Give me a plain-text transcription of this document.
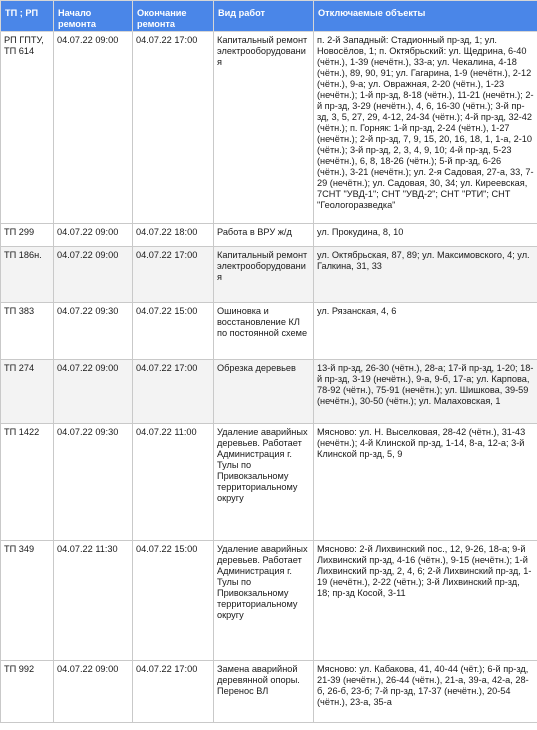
ТП ; РП	Начало ремонта	Окончание ремонта	Вид работ	Отключаемые объекты
РП ГПТУ, ТП 614	04.07.22 09:00	04.07.22 17:00	Капитальный ремонт электрооборудования	п. 2-й Западный: Стадионный пр-зд, 1; ул. Новосёлов, 1; п. Октябрьский: ул. Щедрина, 6-40 (чётн.), 1-39 (нечётн.), 33-а; ул. Чекалина, 4-18 (чётн.), 89, 90, 91; ул. Гагарина, 1-9 (нечётн.), 2-12 (чётн.), 9-а; ул. Овражная, 2-20 (чётн.), 1-23 (нечётн.); 1-й пр-зд, 8-18 (чётн.), 11-21 (нечётн.); 2-й пр-зд, 3-29 (нечётн.), 4, 6, 16-30 (чётн.); 3-й пр-зд, 3, 5, 27, 29, 4-12, 24-34 (чётн.); 4-й пр-зд, 32-42 (чётн.); п. Горняк: 1-й пр-зд, 2-24 (чётн.), 1-27 (нечётн.); 2-й пр-зд, 7, 9, 15, 20, 16, 18, 1, 1-а, 2-10 (чётн.); 3-й пр-зд, 2, 3, 4, 9, 10; 4-й пр-зд, 5-23 (нечётн.), 6, 8, 18-26 (чётн.); 5-й пр-зд, 6-26 (чётн.), 3-21 (нечётн.); ул. 2-я Садовая, 27-а, 33, 7-29 (нечётн.); ул. Садовая, 30, 34; ул. Киреевская, 7СНТ "УВД-1"; СНТ "УВД-2"; СНТ "РТИ"; СНТ "Геологоразведка"
ТП 299	04.07.22 09:00	04.07.22 18:00	Работа в ВРУ ж/д	ул. Прокудина, 8, 10
ТП 186н.	04.07.22 09:00	04.07.22 17:00	Капитальный ремонт электрооборудования	ул. Октябрьская, 87, 89; ул. Максимовского, 4; ул. Галкина, 31, 33
ТП 383	04.07.22 09:30	04.07.22 15:00	Ошиновка и восстановление КЛ по постоянной схеме	ул. Рязанская, 4, 6
ТП 274	04.07.22 09:00	04.07.22 17:00	Обрезка деревьев	13-й пр-зд, 26-30 (чётн.), 28-а; 17-й пр-зд, 1-20; 18-й пр-зд, 3-19 (нечётн.), 9-а, 9-б, 17-а; ул. Карпова, 78-92 (чётн.), 75-91 (нечётн.); ул. Шишкова, 39-59 (нечётн.), 30-50 (чётн.); ул. Малаховская, 1
ТП 1422	04.07.22 09:30	04.07.22 11:00	Удаление аварийных деревьев. Работает Администрация г. Тулы по Привокзальному территориальному округу	Мясново: ул. Н. Выселковая, 28-42 (чётн.), 31-43 (нечётн.); 4-й Клинской пр-зд, 1-14, 8-а, 12-а; 3-й Клинской пр-зд, 5, 9
ТП 349	04.07.22 11:30	04.07.22 15:00	Удаление аварийных деревьев. Работает Администрация г. Тулы по Привокзальному территориальному округу	Мясново: 2-й Лихвинский пос., 12, 9-26, 18-а; 9-й Лихвинский пр-зд, 4-16 (чётн.), 9-15 (нечётн.); 1-й Лихвинский пр-зд, 2, 4, 6; 2-й Лихвинский пр-зд, 1-19 (нечётн.), 2-22 (чётн.); 3-й Лихвинский пр-зд, 18; пр-зд Косой, 3-11
ТП 992	04.07.22 09:00	04.07.22 17:00	Замена аварийной деревянной опоры. Перенос ВЛ	Мясново: ул. Кабакова, 41, 40-44 (чёт.); 6-й пр-зд, 21-39 (нечётн.), 26-44 (чётн.), 21-а, 39-а, 42-а, 28-б, 26-б, 23-б; 7-й пр-зд, 17-37 (нечётн.), 20-54 (чётн.), 23-а, 35-а
